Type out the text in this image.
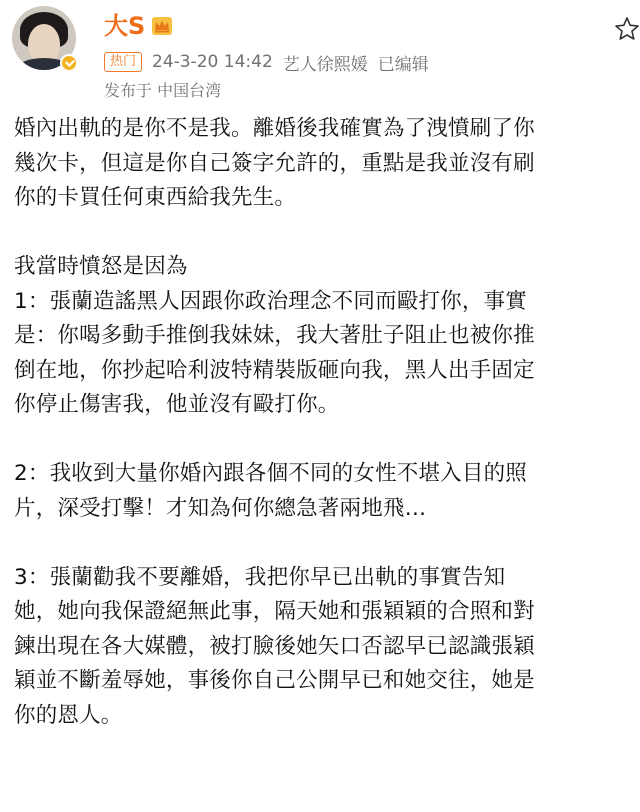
大S
热门 24-3-20 14:42 艺人徐熙媛 已编辑
发布于 中国台湾

婚內出軌的是你不是我。離婚後我確實為了洩憤刷了你
幾次卡，但這是你自己簽字允許的，重點是我並沒有刷
你的卡買任何東西給我先生。

我當時憤怒是因為
1：張蘭造謠黑人因跟你政治理念不同而毆打你，事實
是：你喝多動手推倒我妹妹，我大著肚子阻止也被你推
倒在地，你抄起哈利波特精裝版砸向我，黑人出手固定
你停止傷害我，他並沒有毆打你。

2：我收到大量你婚內跟各個不同的女性不堪入目的照
片，深受打擊！才知為何你總急著兩地飛…

3：張蘭勸我不要離婚，我把你早已出軌的事實告知
她，她向我保證絕無此事，隔天她和張穎穎的合照和對
鍊出現在各大媒體，被打臉後她矢口否認早已認識張穎
穎並不斷羞辱她，事後你自己公開早已和她交往，她是
你的恩人。
